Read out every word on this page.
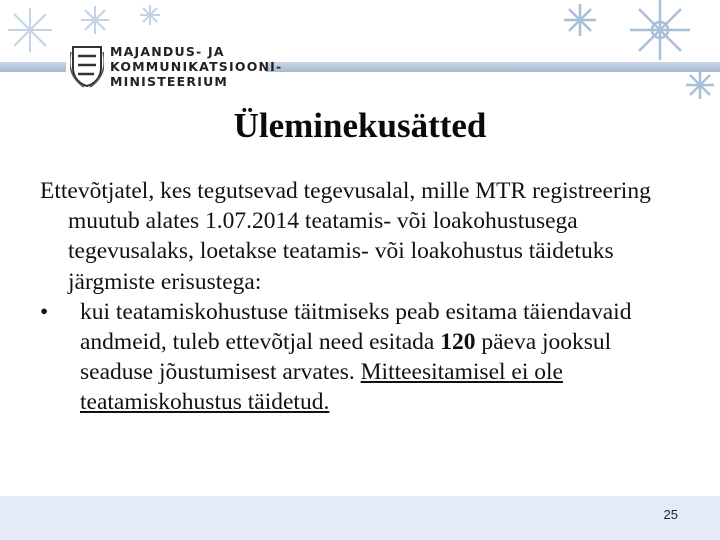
MAJANDUS- JA
KOMMUNIKATSIOONI-
MINISTEERIUM
Üleminekusätted

Ettevõtjatel, kes tegutsevad tegevusalal, mille MTR registreering muutub alates 1.07.2014 teatamis- või loakohustusega tegevusalaks, loetakse teatamis- või loakohustus täidetuks järgmiste erisustega:

• kui teatamiskohustuse täitmiseks peab esitama täiendavaid andmeid, tuleb ettevõtjal need esitada 120 päeva jooksul seaduse jõustumisest arvates. Mitteesitamisel ei ole teatamiskohustus täidetud.
25
